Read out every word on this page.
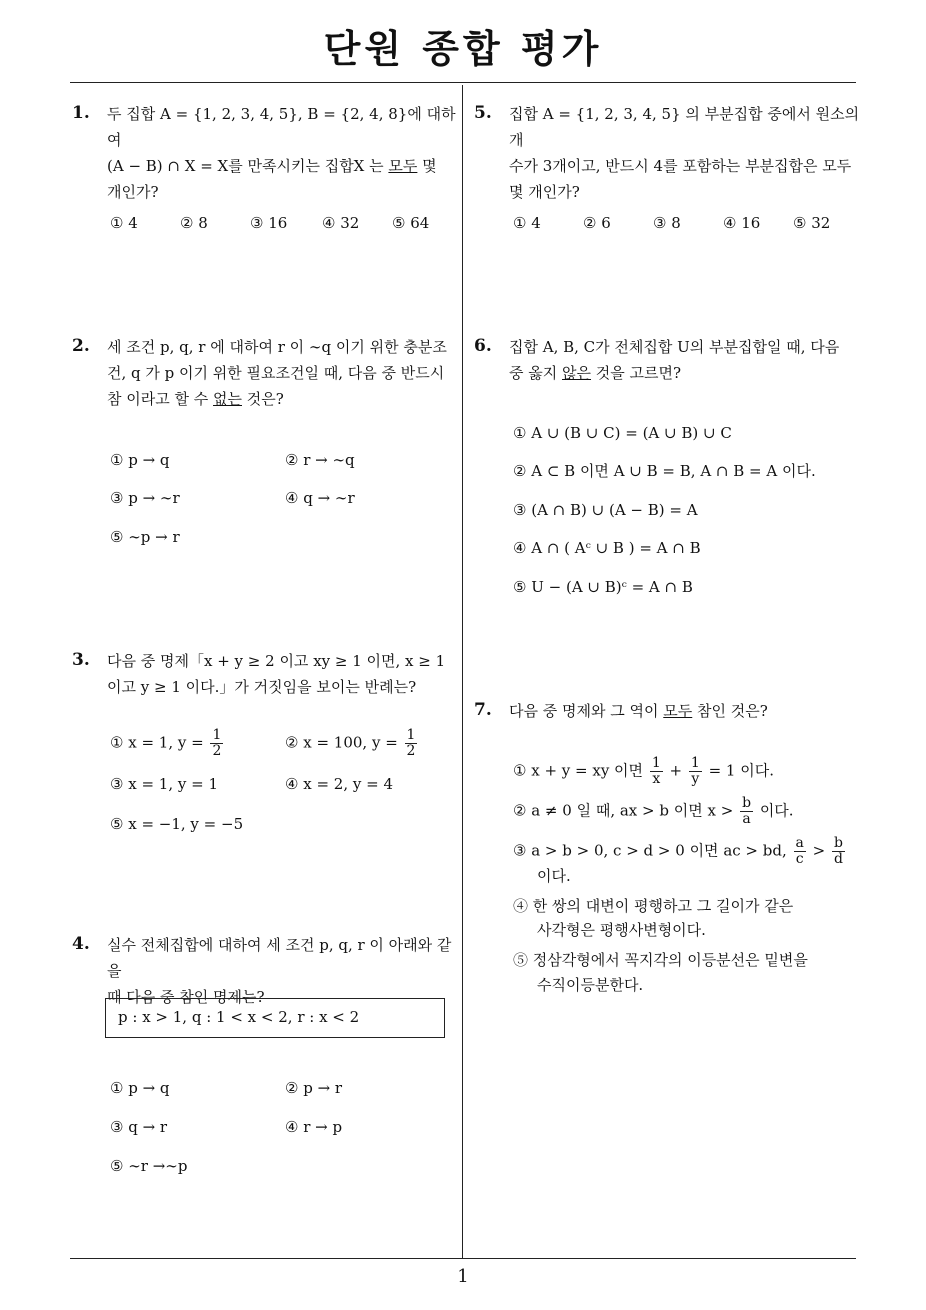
단원 종합 평가
1
1. 두 집합 A = {1, 2, 3, 4, 5}, B = {2, 4, 8}에 대하여

(A − B) ∩ X = X를 만족시키는 집합X 는 모두 몇

개인가?

① 4	② 8	③ 16 ④ 32 ⑤ 64
2. 세 조건 p, q, r 에 대하여 r 이 ∼q 이기 위한 충분조

건, q 가 p 이기 위한 필요조건일 때, 다음 중 반드시

참 이라고 할 수 없는 것은?

① p → q	② r → ∼q
③ p → ∼r	④ q → ∼r
⑤ ∼p → r
3. 다음 중 명제「x + y ≥ 2 이고 xy ≥ 1 이면, x ≥ 1

이고 y ≥ 1 이다.」가 거짓임을 보이는 반례는?

① x = 1, $y = \frac{1}{2}$	② x = 100, $y = \frac{1}{2}$
③ x = 1, y = 1	④ x = 2, y = 4
⑤ x = −1, y = −5
4. 실수 전체집합에 대하여 세 조건 p, q, r 이 아래와 같을

때 다음 중 참인 명제는?

p : x > 1, q : 1 < x < 2, r : x < 2
① p → q	② p → r
③ q → r	④ r → p
⑤ ∼r →∼p
5. 집합 A = {1, 2, 3, 4, 5} 의 부분집합 중에서 원소의 개

수가 3개이고, 반드시 4를 포함하는 부분집합은 모두

몇 개인가?

① 4	② 6	③ 8	④ 16 ⑤ 32
6. 집합 A, B, C가 전체집합 U의 부분집합일 때, 다음

중 옳지 않은 것을 고르면?

① A ∪ (B ∪ C) = (A ∪ B) ∪ C
② A ⊂ B 이면 A ∪ B = B, A ∩ B = A 이다.
③ (A ∩ B) ∪ (A − B) = A
④ A ∩ ( Aᶜ ∪ B ) = A ∩ B
⑤ U − (A ∪ B)ᶜ = A ∩ B
7. 다음 중 명제와 그 역이 모두 참인 것은?

① x + y = xy 이면 $\frac{1}{x} + \frac{1}{y} = 1$ 이다.
② a ≠ 0 일 때, ax > b 이면 $x > \frac{b}{a}$ 이다.
③ a > b > 0, c > d > 0 이면 ac > bd, $\frac{a}{c} > \frac{b}{d}$
이다.
④ 한 쌍의 대변이 평행하고 그 길이가 같은
사각형은 평행사변형이다.
⑤ 정삼각형에서 꼭지각의 이등분선은 밑변을
수직이등분한다.
